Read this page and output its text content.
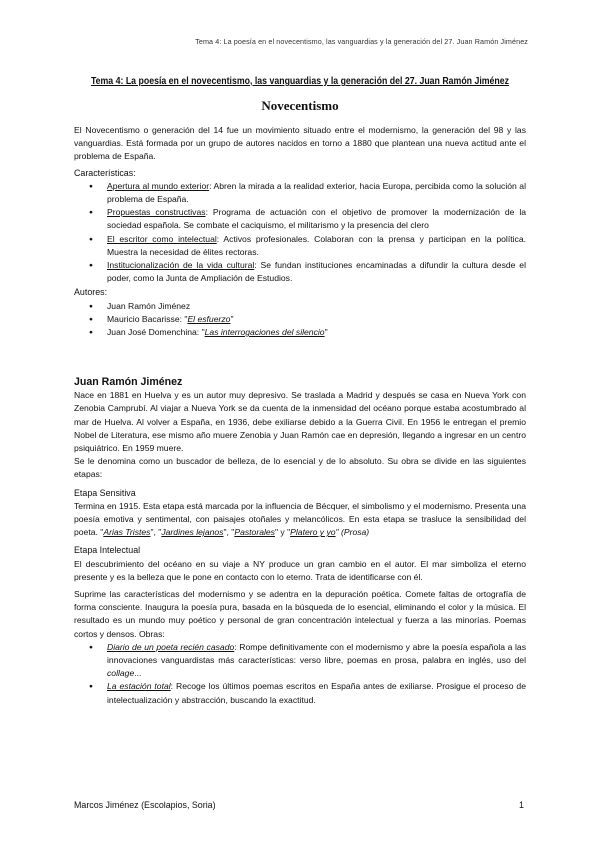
Tema 4: La poesía en el novecentismo, las vanguardias y la generación del 27. Juan Ramón Jiménez
Tema 4: La poesía en el novecentismo, las vanguardias y la generación del 27. Juan Ramón Jiménez
Novecentismo

El Novecentismo o generación del 14 fue un movimiento situado entre el modernismo, la generación del 98 y las vanguardias. Está formada por un grupo de autores nacidos en torno a 1880 que plantean una nueva actitud ante el problema de España.

Características:

● Apertura al mundo exterior: Abren la mirada a la realidad exterior, hacia Europa, percibida como la solución al problema de España.
● Propuestas constructivas: Programa de actuación con el objetivo de promover la modernización de la sociedad española. Se combate el caciquismo, el militarismo y la presencia del clero
● El escritor como intelectual: Activos profesionales. Colaboran con la prensa y participan en la política. Muestra la necesidad de élites rectoras.
● Institucionalización de la vida cultural: Se fundan instituciones encaminadas a difundir la cultura desde el poder, como la Junta de Ampliación de Estudios.

Autores:

● Juan Ramón Jiménez
● Mauricio Bacarisse: "El esfuerzo"
● Juan José Domenchina: "Las interrogaciones del silencio"

Juan Ramón Jiménez

Nace en 1881 en Huelva y es un autor muy depresivo. Se traslada a Madrid y después se casa en Nueva York con Zenobia Camprubí. Al viajar a Nueva York se da cuenta de la inmensidad del océano porque estaba acostumbrado al mar de Huelva. Al volver a España, en 1936, debe exiliarse debido a la Guerra Civil. En 1956 le entregan el premio Nobel de Literatura, ese mismo año muere Zenobia y Juan Ramón cae en depresión, llegando a ingresar en un centro psiquiátrico. En 1959 muere.

Se le denomina como un buscador de belleza, de lo esencial y de lo absoluto. Su obra se divide en las siguientes etapas:

Etapa Sensitiva

Termina en 1915. Esta etapa está marcada por la influencia de Bécquer, el simbolismo y el modernismo. Presenta una poesía emotiva y sentimental, con paisajes otoñales y melancólicos. En esta etapa se trasluce la sensibilidad del poeta. "Arias Tristes", "Jardines lejanos", "Pastorales" y "Platero y yo" (Prosa)

Etapa Intelectual

El descubrimiento del océano en su viaje a NY produce un gran cambio en el autor. El mar simboliza el eterno presente y es la belleza que le pone en contacto con lo eterno. Trata de identificarse con él.

Suprime las características del modernismo y se adentra en la depuración poética. Comete faltas de ortografía de forma consciente. Inaugura la poesía pura, basada en la búsqueda de lo esencial, eliminando el color y la música. El resultado es un mundo muy poético y personal de gran concentración intelectual y fuerza a las minorías. Poemas cortos y densos. Obras:

● Diario de un poeta recién casado: Rompe definitivamente con el modernismo y abre la poesía española a las innovaciones vanguardistas más características: verso libre, poemas en prosa, palabra en inglés, uso del collage...
● La estación total: Recoge los últimos poemas escritos en España antes de exiliarse. Prosigue el proceso de intelectualización y abstracción, buscando la exactitud.
Marcos Jiménez (Escolapios, Soria)	1
